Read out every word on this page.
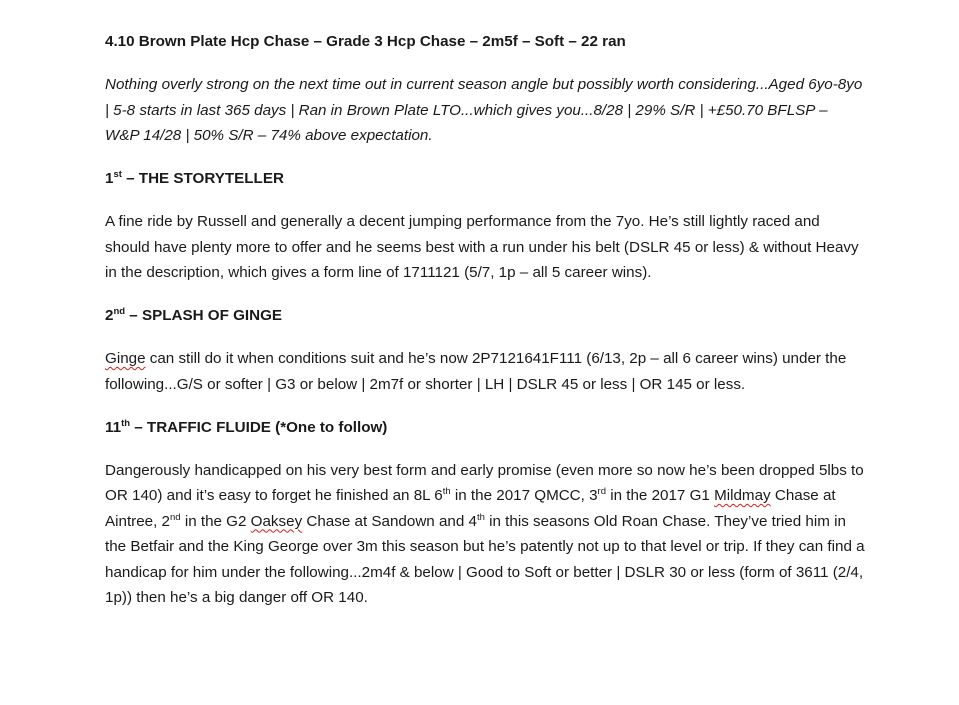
4.10 Brown Plate Hcp Chase – Grade 3 Hcp Chase – 2m5f – Soft – 22 ran

Nothing overly strong on the next time out in current season angle but possibly worth considering...Aged 6yo-8yo | 5-8 starts in last 365 days | Ran in Brown Plate LTO...which gives you...8/28 | 29% S/R | +£50.70 BFLSP – W&P 14/28 | 50% S/R – 74% above expectation.

1st – THE STORYTELLER

A fine ride by Russell and generally a decent jumping performance from the 7yo. He’s still lightly raced and should have plenty more to offer and he seems best with a run under his belt (DSLR 45 or less) & without Heavy in the description, which gives a form line of 1711121 (5/7, 1p – all 5 career wins).

2nd – SPLASH OF GINGE

Ginge can still do it when conditions suit and he’s now 2P7121641F111 (6/13, 2p – all 6 career wins) under the following...G/S or softer | G3 or below | 2m7f or shorter | LH | DSLR 45 or less | OR 145 or less.

11th – TRAFFIC FLUIDE (*One to follow)

Dangerously handicapped on his very best form and early promise (even more so now he’s been dropped 5lbs to OR 140) and it’s easy to forget he finished an 8L 6th in the 2017 QMCC, 3rd in the 2017 G1 Mildmay Chase at Aintree, 2nd in the G2 Oaksey Chase at Sandown and 4th in this seasons Old Roan Chase. They’ve tried him in the Betfair and the King George over 3m this season but he’s patently not up to that level or trip. If they can find a handicap for him under the following...2m4f & below | Good to Soft or better | DSLR 30 or less (form of 3611 (2/4, 1p)) then he’s a big danger off OR 140.
